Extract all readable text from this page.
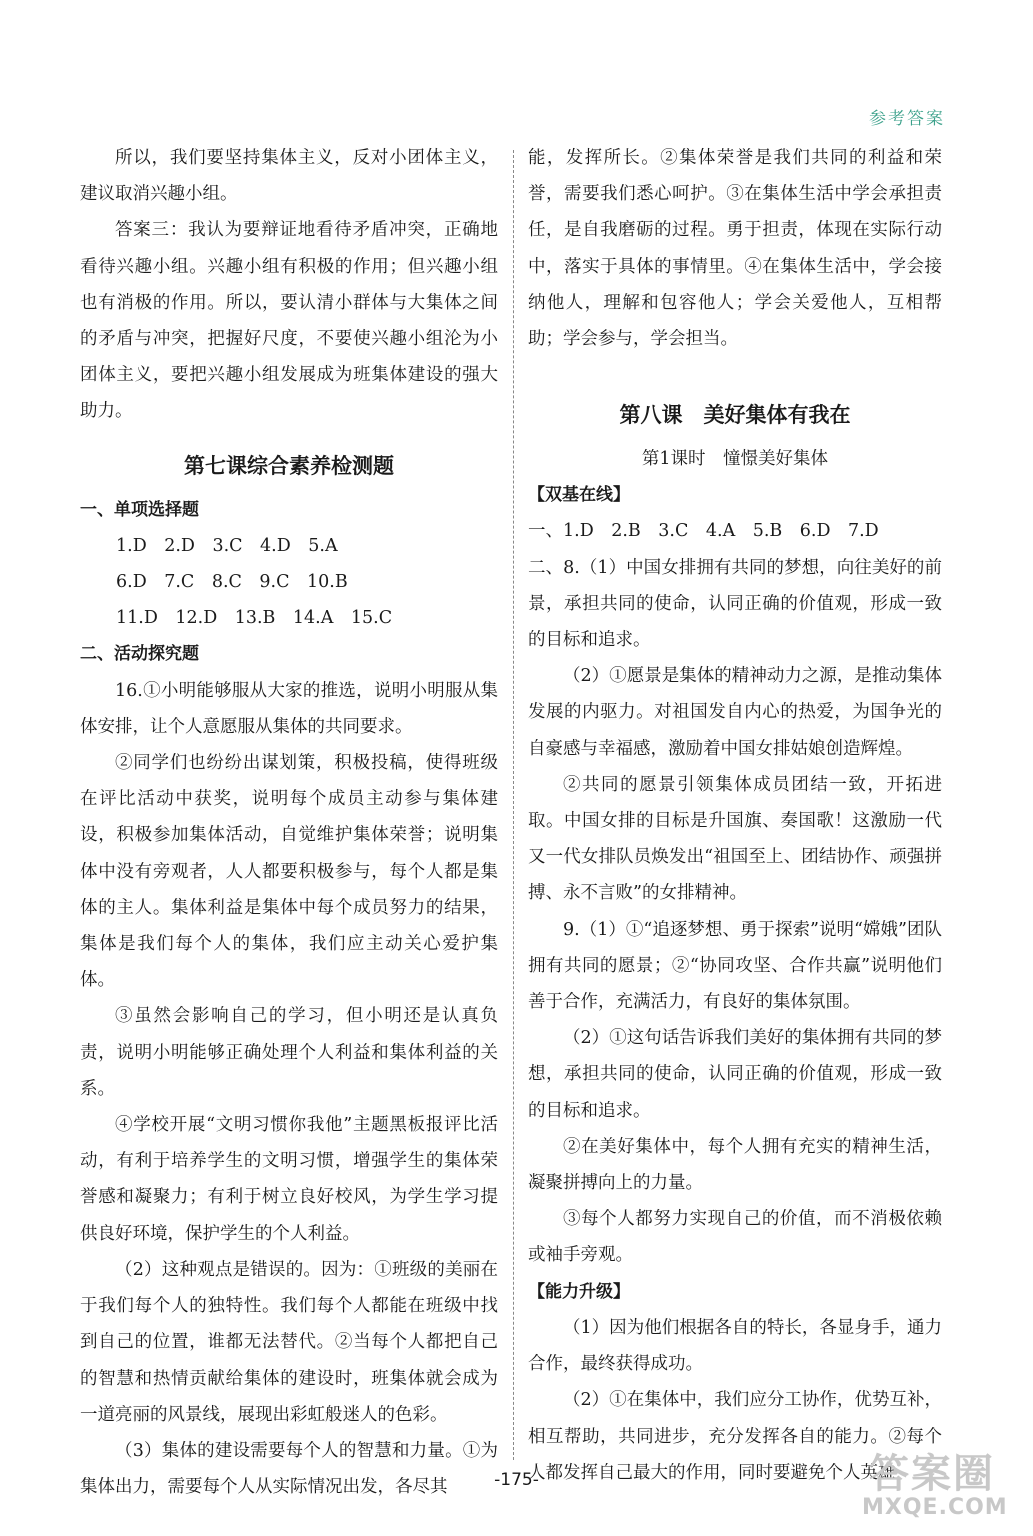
参考答案

所以，我们要坚持集体主义，反对小团体主义，建议取消兴趣小组。

答案三：我认为要辩证地看待矛盾冲突，正确地看待兴趣小组。兴趣小组有积极的作用；但兴趣小组也有消极的作用。所以，要认清小群体与大集体之间的矛盾与冲突，把握好尺度，不要使兴趣小组沦为小团体主义，要把兴趣小组发展成为班集体建设的强大助力。

第七课综合素养检测题

一、单项选择题

1.D　2.D　3.C　4.D　5.A

6.D　7.C　8.C　9.C　10.B

11.D　12.D　13.B　14.A　15.C

二、活动探究题

16.①小明能够服从大家的推选，说明小明服从集体安排，让个人意愿服从集体的共同要求。

②同学们也纷纷出谋划策，积极投稿，使得班级在评比活动中获奖，说明每个成员主动参与集体建设，积极参加集体活动，自觉维护集体荣誉；说明集体中没有旁观者，人人都要积极参与，每个人都是集体的主人。集体利益是集体中每个成员努力的结果，集体是我们每个人的集体，我们应主动关心爱护集体。

③虽然会影响自己的学习，但小明还是认真负责，说明小明能够正确处理个人利益和集体利益的关系。

④学校开展“文明习惯你我他”主题黑板报评比活动，有利于培养学生的文明习惯，增强学生的集体荣誉感和凝聚力；有利于树立良好校风，为学生学习提供良好环境，保护学生的个人利益。

（2）这种观点是错误的。因为：①班级的美丽在于我们每个人的独特性。我们每个人都能在班级中找到自己的位置，谁都无法替代。②当每个人都把自己的智慧和热情贡献给集体的建设时，班集体就会成为一道亮丽的风景线，展现出彩虹般迷人的色彩。

（3）集体的建设需要每个人的智慧和力量。①为集体出力，需要每个人从实际情况出发，各尽其

能，发挥所长。②集体荣誉是我们共同的利益和荣誉，需要我们悉心呵护。③在集体生活中学会承担责任，是自我磨砺的过程。勇于担责，体现在实际行动中，落实于具体的事情里。④在集体生活中，学会接纳他人，理解和包容他人；学会关爱他人，互相帮助；学会参与，学会担当。

第八课　美好集体有我在
第1课时　憧憬美好集体

【双基在线】

一、1.D　2.B　3.C　4.A　5.B　6.D　7.D

二、8.（1）中国女排拥有共同的梦想，向往美好的前景，承担共同的使命，认同正确的价值观，形成一致的目标和追求。

（2）①愿景是集体的精神动力之源，是推动集体发展的内驱力。对祖国发自内心的热爱，为国争光的自豪感与幸福感，激励着中国女排姑娘创造辉煌。

②共同的愿景引领集体成员团结一致，开拓进取。中国女排的目标是升国旗、奏国歌！这激励一代又一代女排队员焕发出“祖国至上、团结协作、顽强拼搏、永不言败”的女排精神。

9.（1）①“追逐梦想、勇于探索”说明“嫦娥”团队拥有共同的愿景；②“协同攻坚、合作共赢”说明他们善于合作，充满活力，有良好的集体氛围。

（2）①这句话告诉我们美好的集体拥有共同的梦想，承担共同的使命，认同正确的价值观，形成一致的目标和追求。

②在美好集体中，每个人拥有充实的精神生活，凝聚拼搏向上的力量。

③每个人都努力实现自己的价值，而不消极依赖或袖手旁观。

【能力升级】

（1）因为他们根据各自的特长，各显身手，通力合作，最终获得成功。

（2）①在集体中，我们应分工协作，优势互补，相互帮助，共同进步，充分发挥各自的能力。②每个人都发挥自己最大的作用，同时要避免个人英雄

-175-	答案圈
MXQE.COM
